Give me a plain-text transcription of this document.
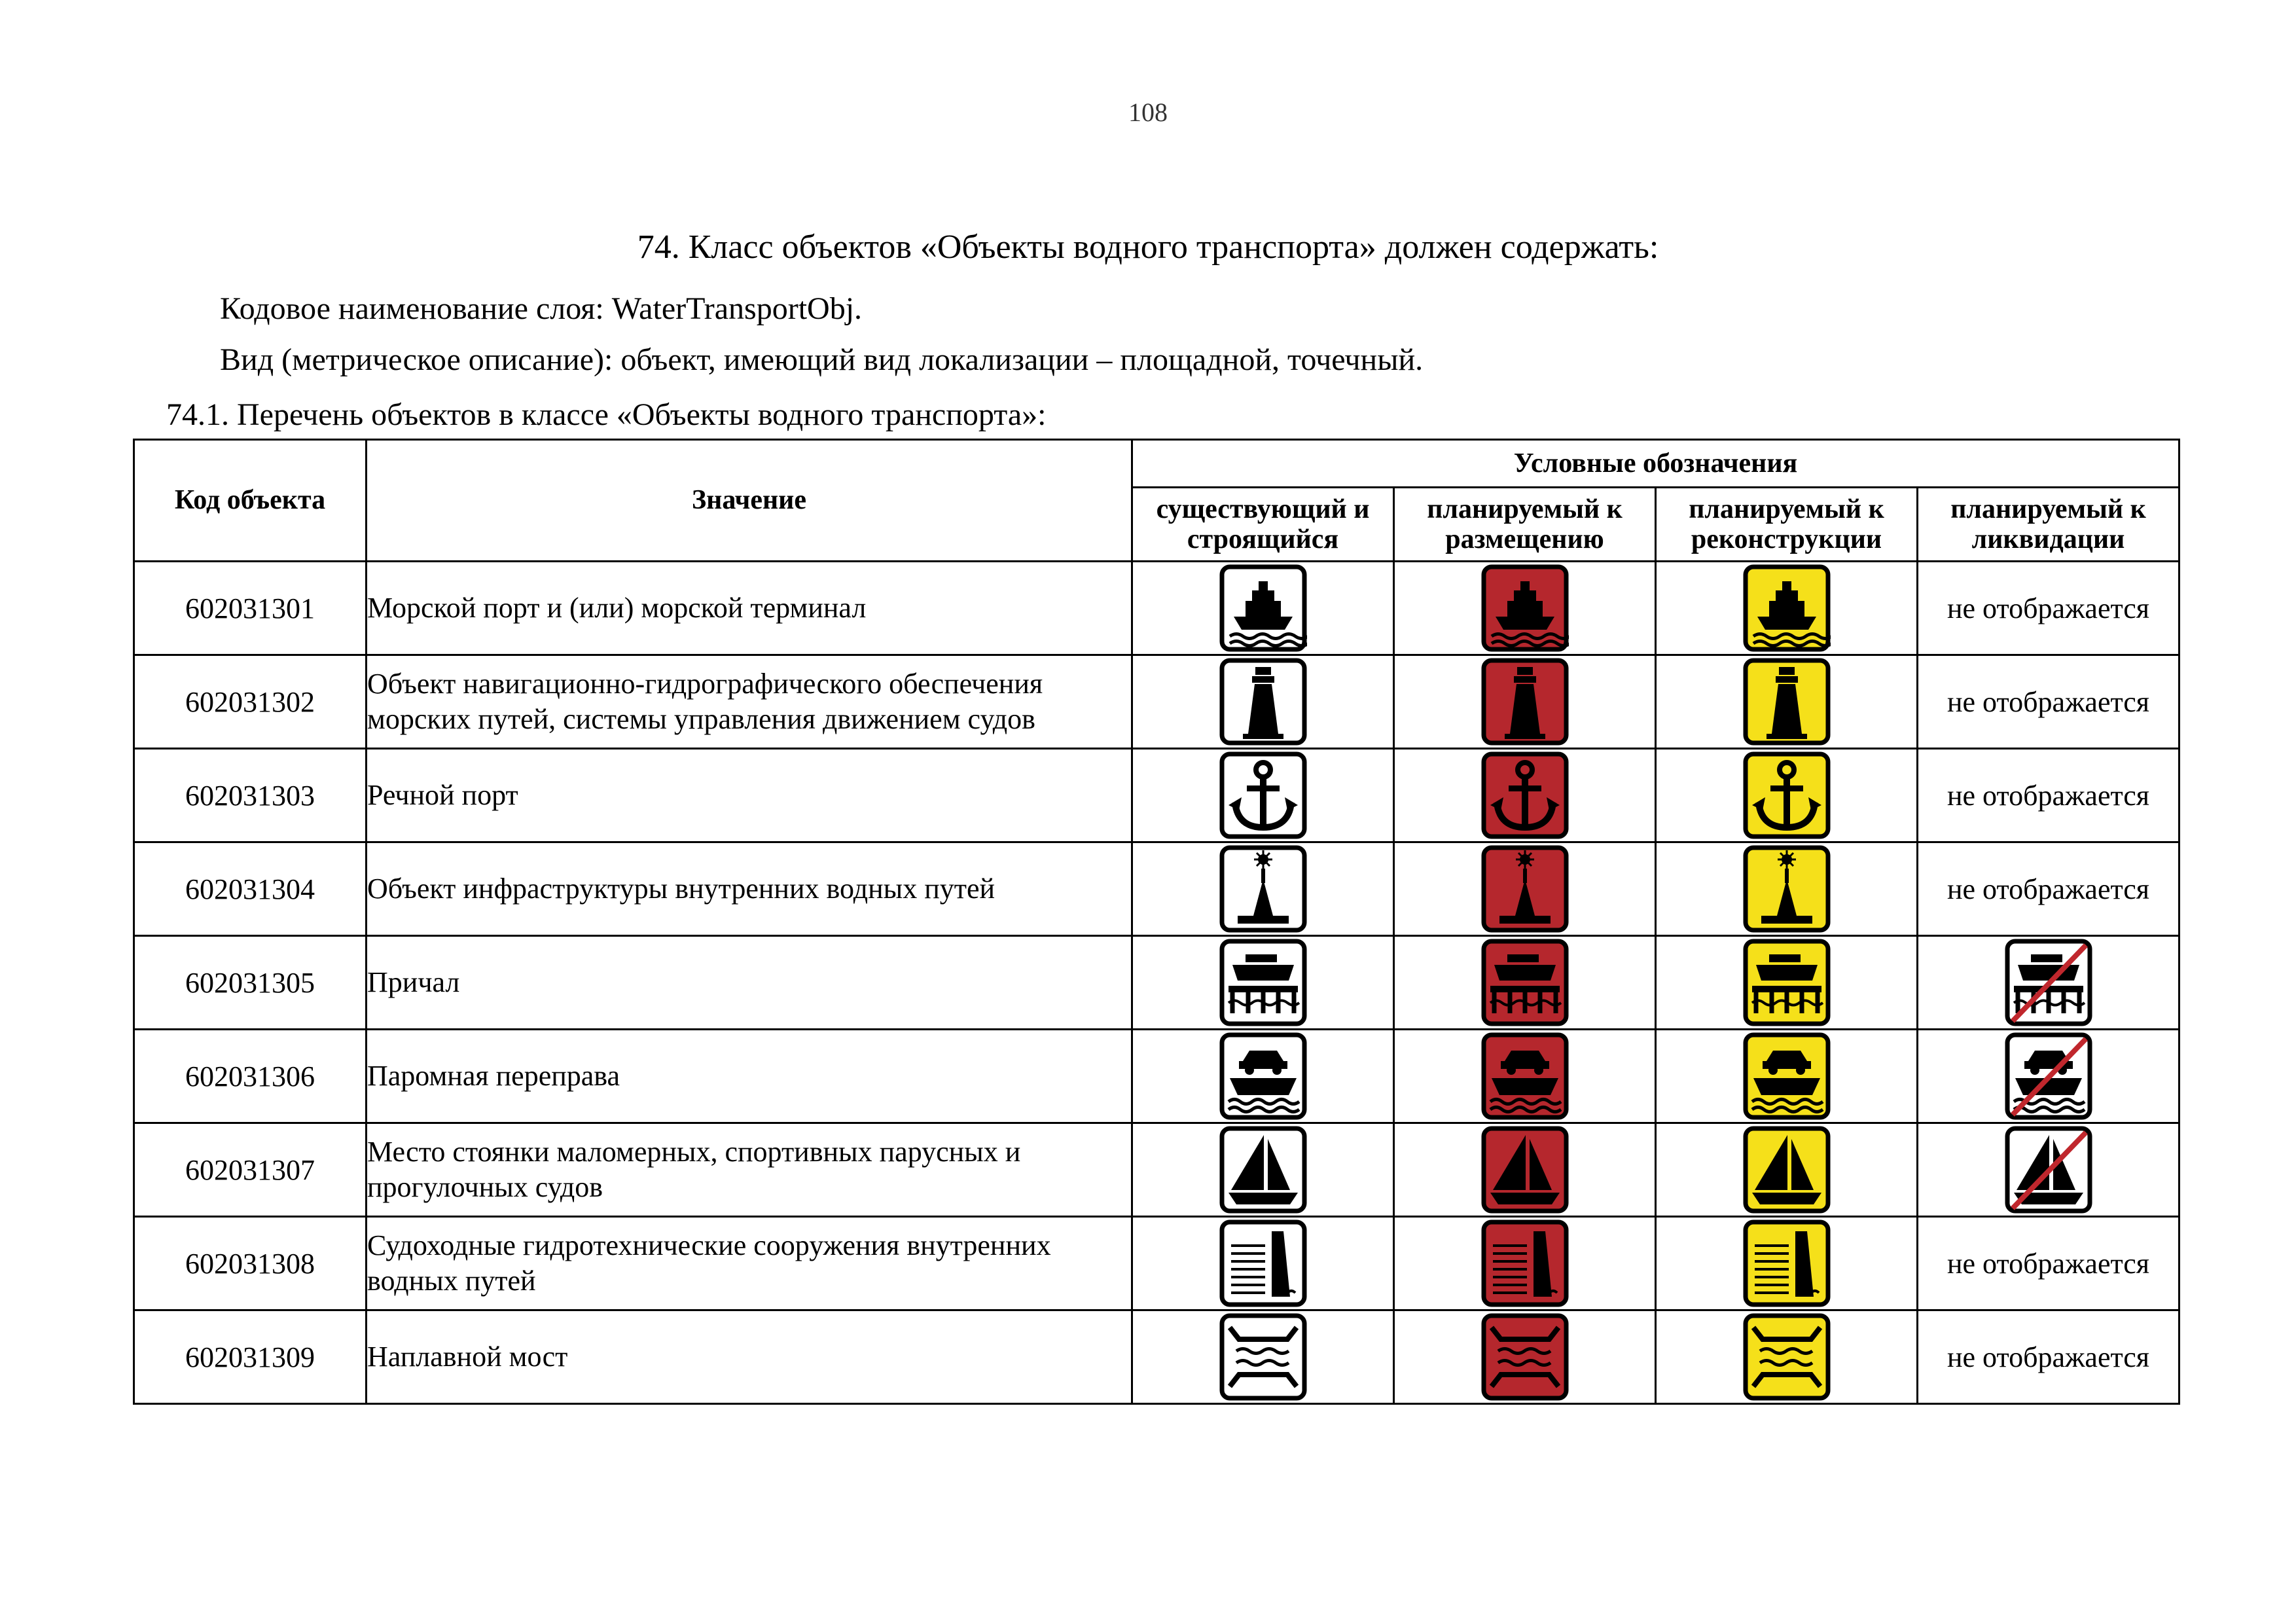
108
74. Класс объектов «Объекты водного транспорта» должен содержать:
Кодовое наименование слоя: WaterTransportObj.
Вид (метрическое описание): объект, имеющий вид локализации – площадной, точечный.
74.1. Перечень объектов в классе «Объекты водного транспорта»:
Код объекта	Значение	Условные обозначения			
		существующий и строящийся	планируемый к размещению	планируемый к реконструкции	планируемый к ликвидации
602031301	Морской порт и (или) морской терминал				не отображается
602031302	Объект навигационно-гидрографического обеспечения морских путей, системы управления движением судов				не отображается
602031303	Речной порт				не отображается
602031304	Объект инфраструктуры внутренних водных путей				не отображается
602031305	Причал	

602031306	Паромная переправа	

602031307	Место стоянки маломерных, спортивных парусных и прогулочных судов	

602031308	Судоходные гидротехнические сооружения внутренних водных путей				не отображается
602031309	Наплавной мост				не отображается
